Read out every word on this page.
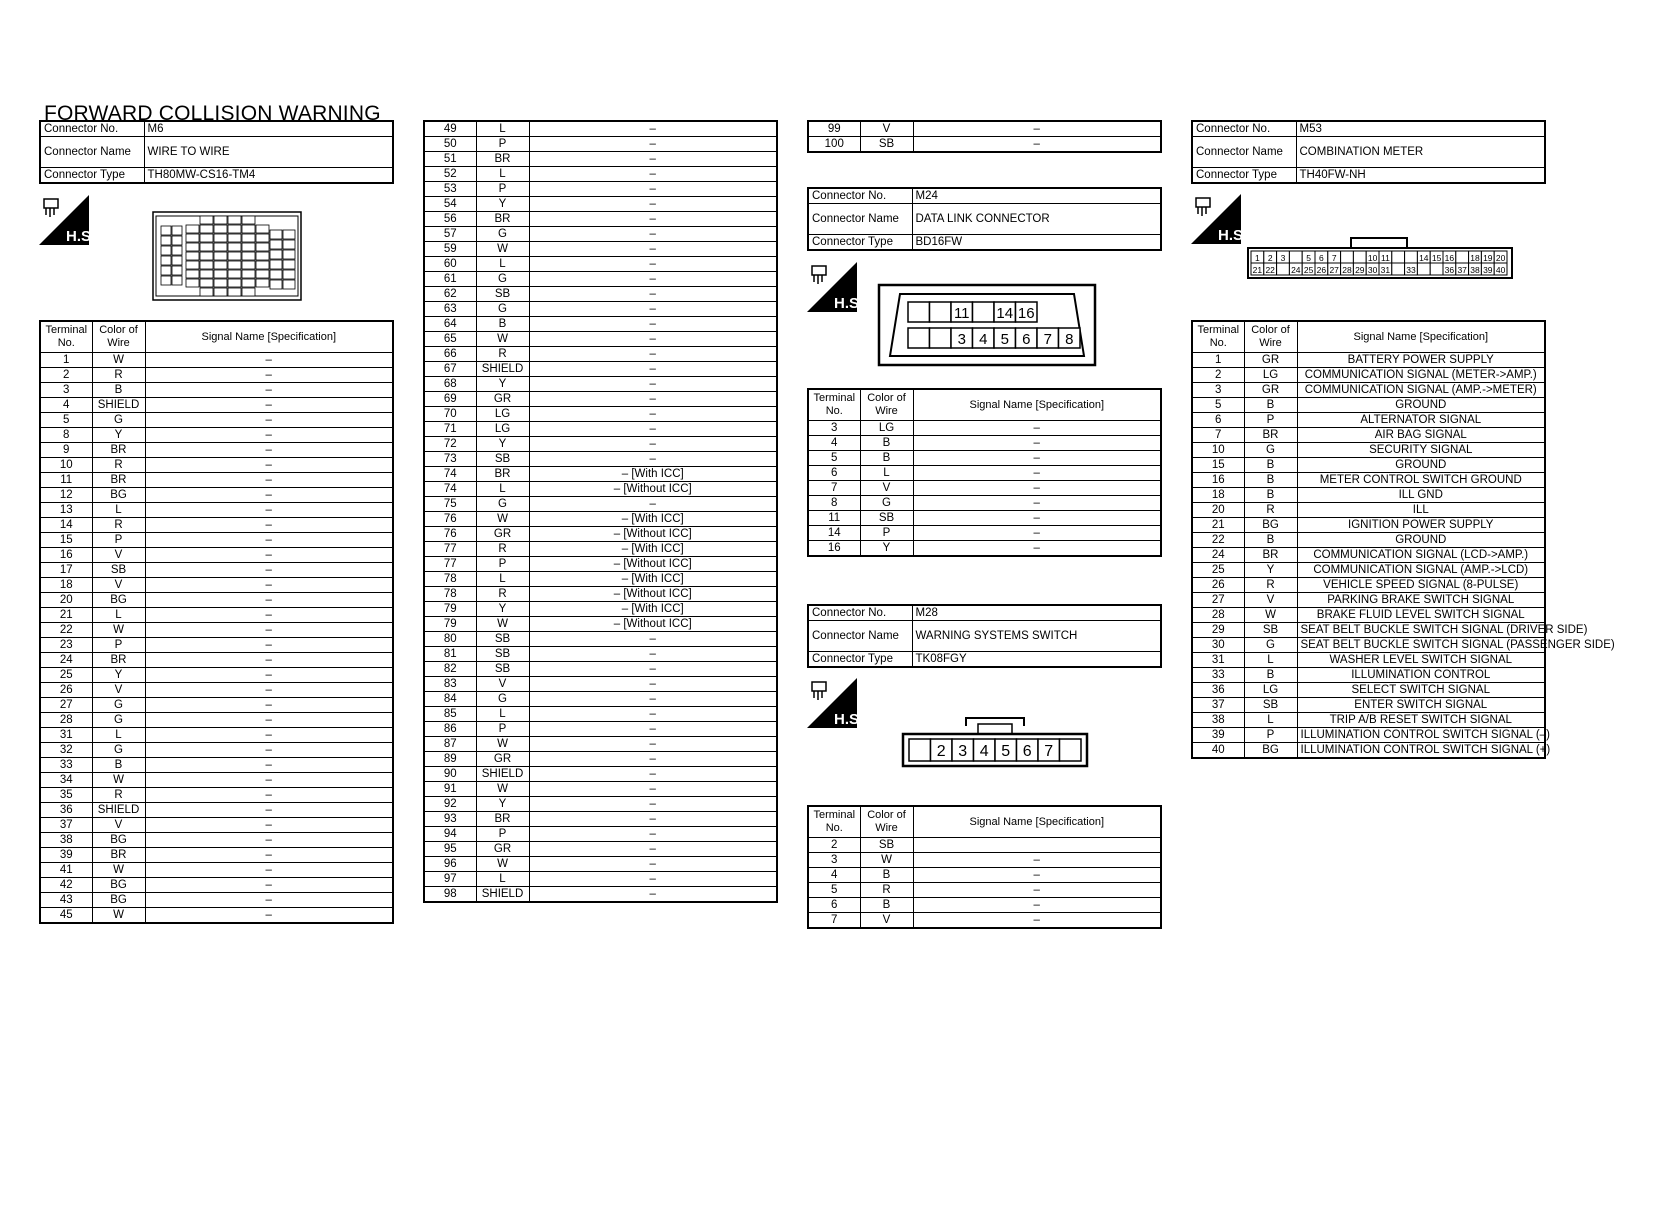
FORWARD COLLISION WARNING
Connector No.	M6
Connector Name	WIRE TO WIRE
Connector Type	TH80MW-CS16-TM4
H.S.
Terminal No.	Color of Wire	Signal Name [Specification]
1	W	–
2	R	–
3	B	–
4	SHIELD	–
5	G	–
8	Y	–
9	BR	–
10	R	–
11	BR	–
12	BG	–
13	L	–
14	R	–
15	P	–
16	V	–
17	SB	–
18	V	–
20	BG	–
21	L	–
22	W	–
23	P	–
24	BR	–
25	Y	–
26	V	–
27	G	–
28	G	–
31	L	–
32	G	–
33	B	–
34	W	–
35	R	–
36	SHIELD	–
37	V	–
38	BG	–
39	BR	–
41	W	–
42	BG	–
43	BG	–
45	W	–
49	L	–
50	P	–
51	BR	–
52	L	–
53	P	–
54	Y	–
56	BR	–
57	G	–
59	W	–
60	L	–
61	G	–
62	SB	–
63	G	–
64	B	–
65	W	–
66	R	–
67	SHIELD	–
68	Y	–
69	GR	–
70	LG	–
71	LG	–
72	Y	–
73	SB	–
74	BR	– [With ICC]
74	L	– [Without ICC]
75	G	–
76	W	– [With ICC]
76	GR	– [Without ICC]
77	R	– [With ICC]
77	P	– [Without ICC]
78	L	– [With ICC]
78	R	– [Without ICC]
79	Y	– [With ICC]
79	W	– [Without ICC]
80	SB	–
81	SB	–
82	SB	–
83	V	–
84	G	–
85	L	–
86	P	–
87	W	–
89	GR	–
90	SHIELD	–
91	W	–
92	Y	–
93	BR	–
94	P	–
95	GR	–
96	W	–
97	L	–
98	SHIELD	–
99	V	–
100	SB	–
Connector No.	M24
Connector Name	DATA LINK CONNECTOR
Connector Type	BD16FW
H.S.
11 14 16
3 4 5 6 7 8
Terminal No.	Color of Wire	Signal Name [Specification]
3	LG	–
4	B	–
5	B	–
6	L	–
7	V	–
8	G	–
11	SB	–
14	P	–
16	Y	–
Connector No.	M28
Connector Name	WARNING SYSTEMS SWITCH
Connector Type	TK08FGY
H.S.
2 3 4 5 6 7
Terminal No.	Color of Wire	Signal Name [Specification]
2	SB	
3	W	–
4	B	–
5	R	–
6	B	–
7	V	–
Connector No.	M53
Connector Name	COMBINATION METER
Connector Type	TH40FW-NH
H.S.
1 2 3 5 6 7	10 11	14 15 16 18 19 20
21 22 24 25 26 27 28 29 30 31 33	36 37 38 39 40
Terminal No.	Color of Wire	Signal Name [Specification]
1	GR	BATTERY POWER SUPPLY
2	LG	COMMUNICATION SIGNAL (METER->AMP.)
3	GR	COMMUNICATION SIGNAL (AMP.->METER)
5	B	GROUND
6	P	ALTERNATOR SIGNAL
7	BR	AIR BAG SIGNAL
10	G	SECURITY SIGNAL
15	B	GROUND
16	B	METER CONTROL SWITCH GROUND
18	B	ILL GND
20	R	ILL
21	BG	IGNITION POWER SUPPLY
22	B	GROUND
24	BR	COMMUNICATION SIGNAL (LCD->AMP.)
25	Y	COMMUNICATION SIGNAL (AMP.->LCD)
26	R	VEHICLE SPEED SIGNAL (8-PULSE)
27	V	PARKING BRAKE SWITCH SIGNAL
28	W	BRAKE FLUID LEVEL SWITCH SIGNAL
29	SB	SEAT BELT BUCKLE SWITCH SIGNAL (DRIVER SIDE)
30	G	SEAT BELT BUCKLE SWITCH SIGNAL (PASSENGER SIDE)
31	L	WASHER LEVEL SWITCH SIGNAL
33	B	ILLUMINATION CONTROL
36	LG	SELECT SWITCH SIGNAL
37	SB	ENTER SWITCH SIGNAL
38	L	TRIP A/B RESET SWITCH SIGNAL
39	P	ILLUMINATION CONTROL SWITCH SIGNAL (–)
40	BG	ILLUMINATION CONTROL SWITCH SIGNAL (+)
